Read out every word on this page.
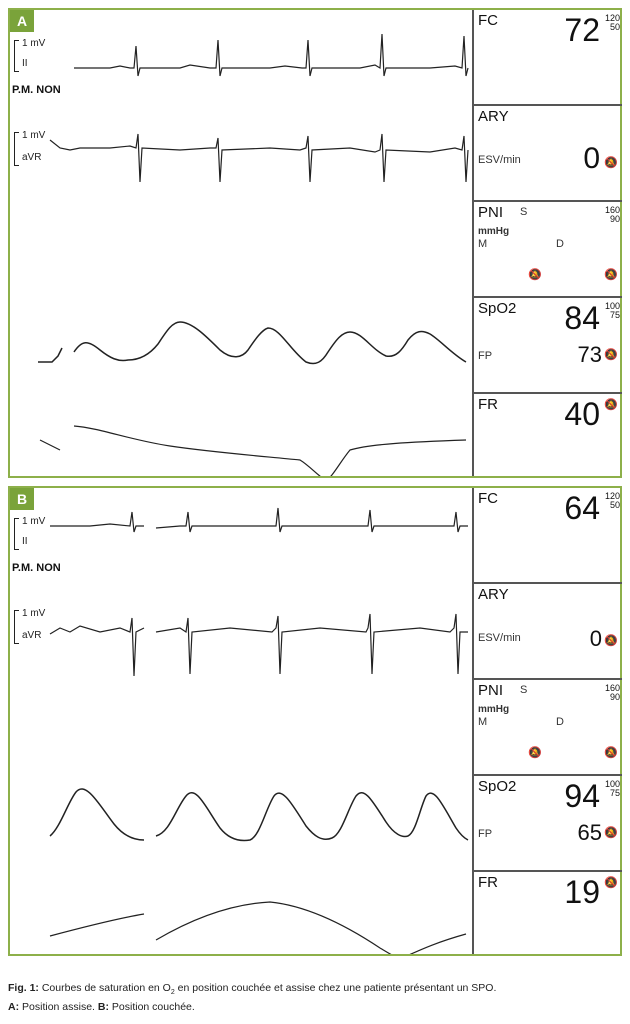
A
1 mV
II
P.M. NON
1 mV
aVR
FC 72 120
50
ARY
ESV/min 0 🔕
PNI S	160
90
mmHg
M	D
🔕	🔕
SpO2 84 100
75
FP	73 🔕
FR 40 🔕
B
1 mV
II
P.M. NON
1 mV
aVR
FC 64 120
50
ARY
ESV/min	0 🔕
PNI S	160
90
mmHg
M	D
🔕	🔕
SpO2 94 100
75
FP	65 🔕
FR 19 🔕
Fig. 1: Courbes de saturation en $O_2$ en position couchée et assise chez une patiente présentant un SPO.
A: Position assise. B: Position couchée.
